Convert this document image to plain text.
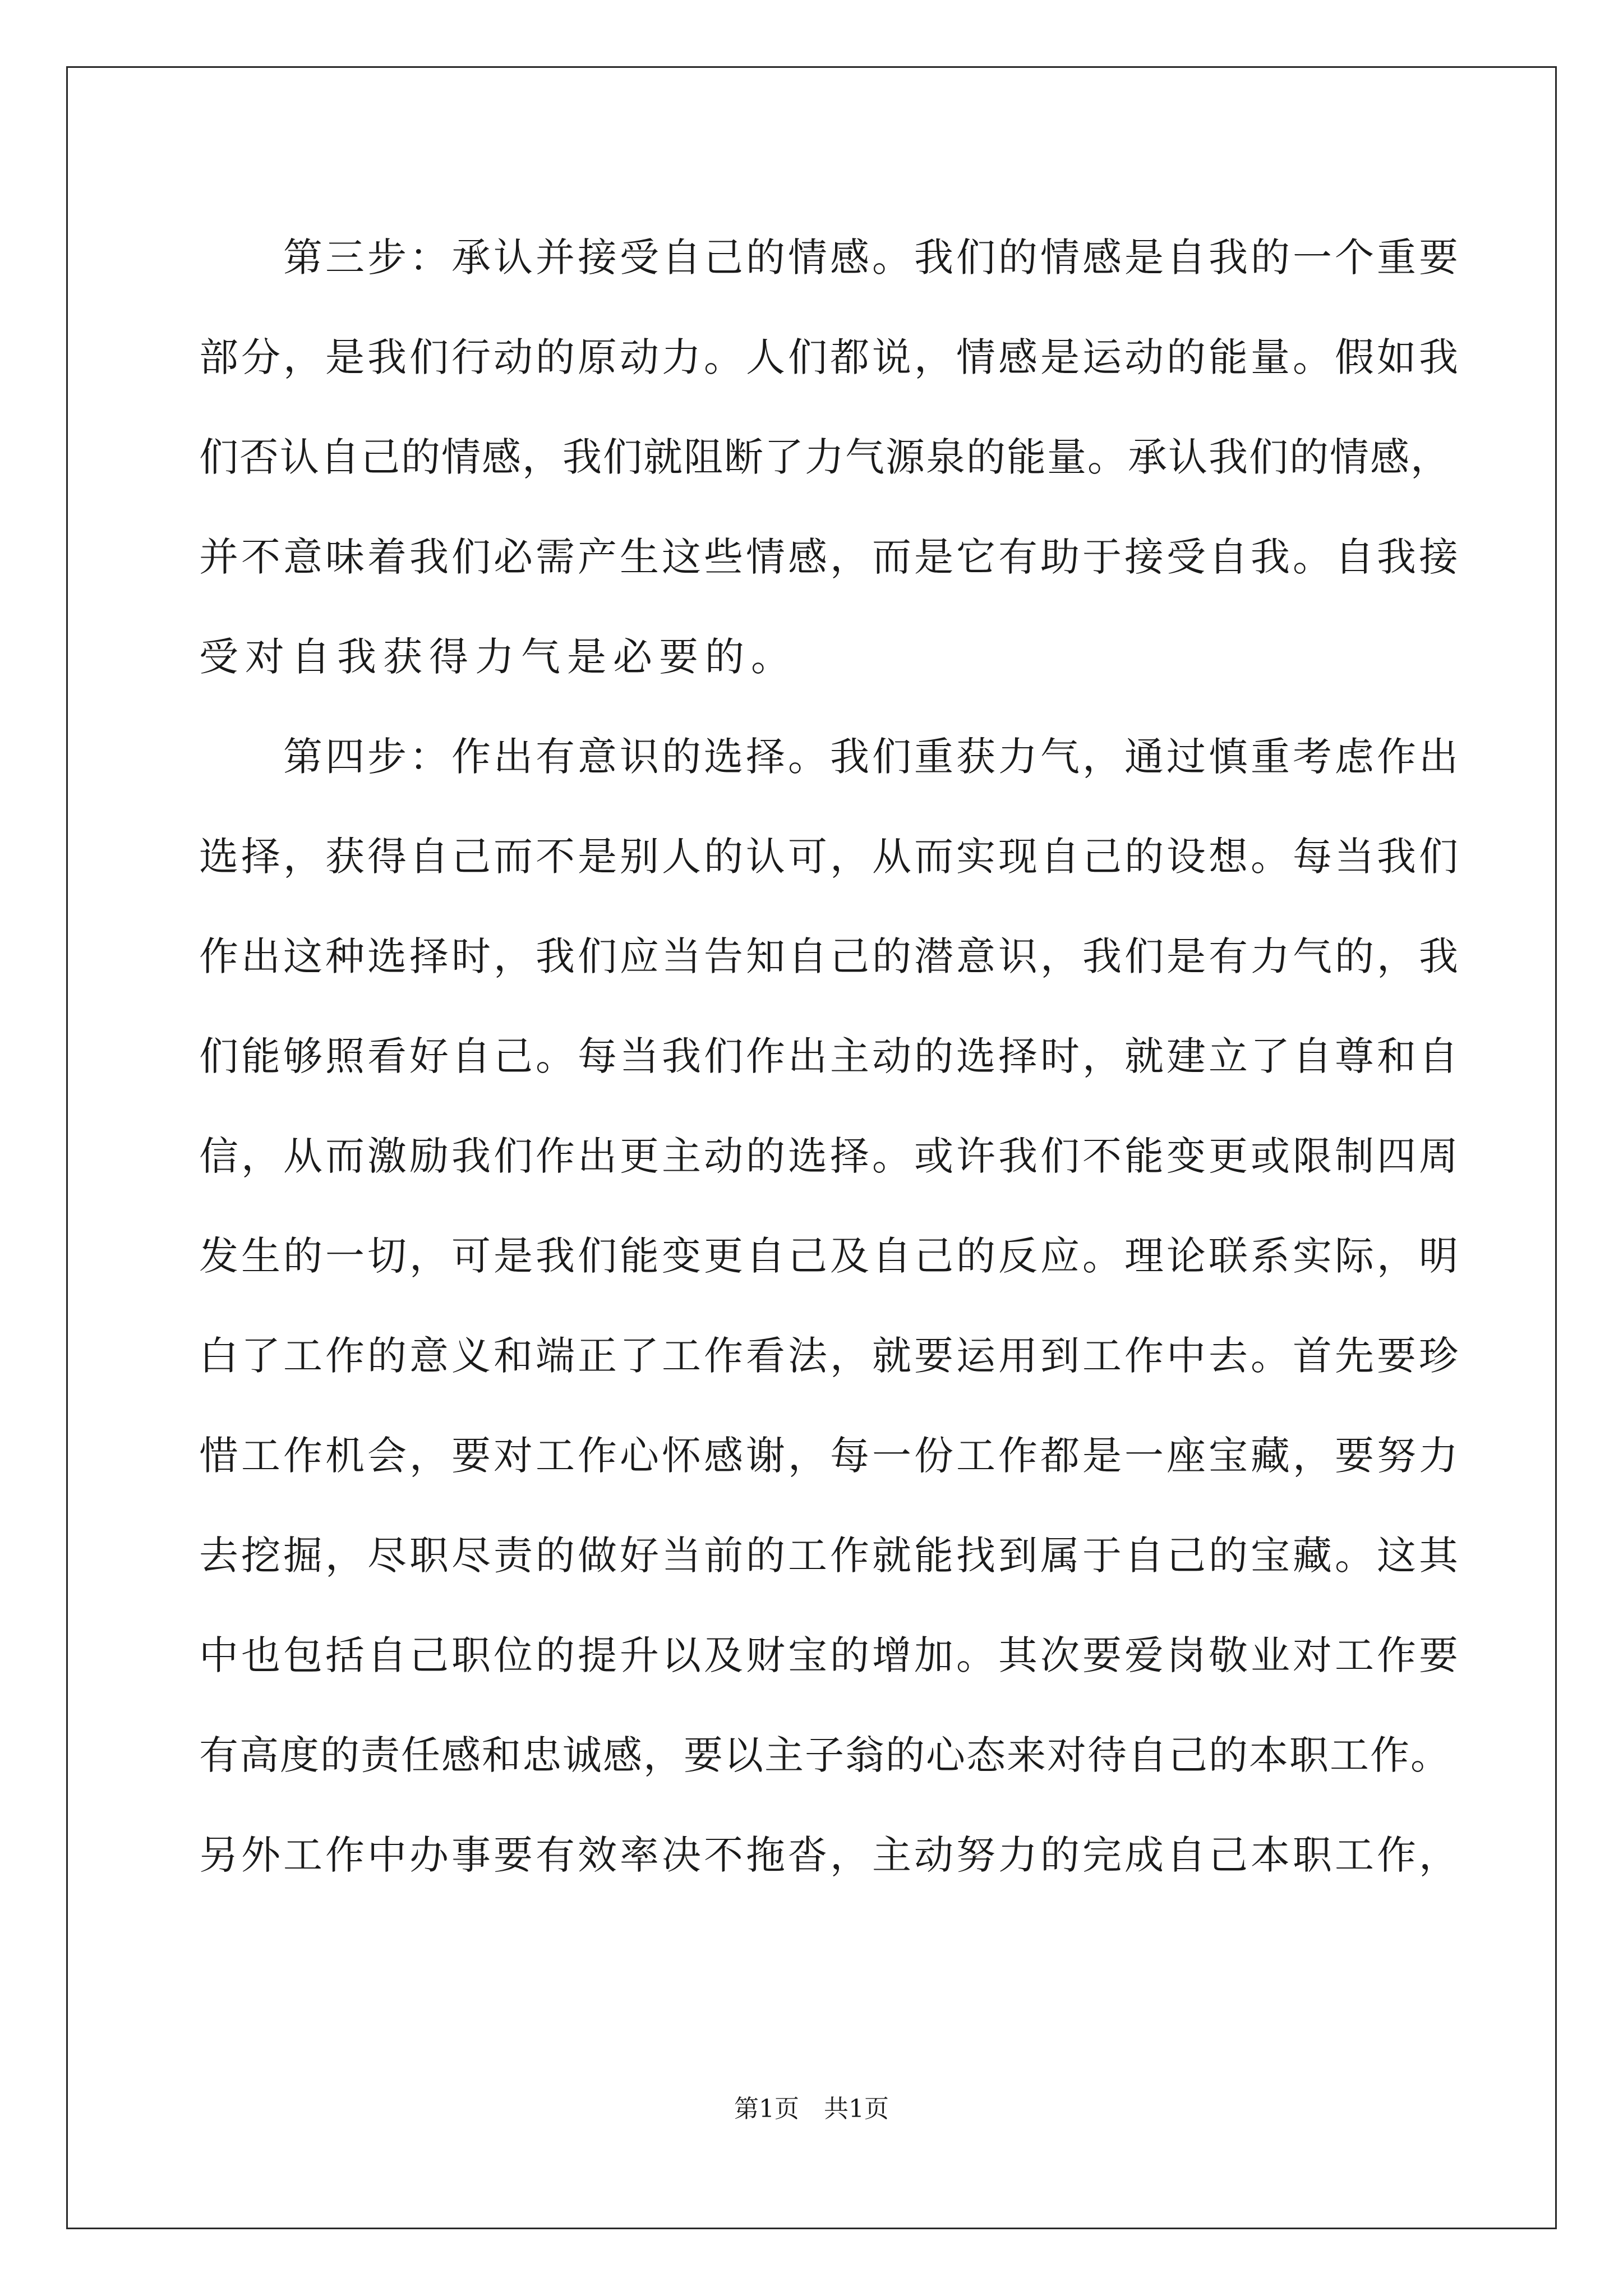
第三步：承认并接受自己的情感。我们的情感是自我的一个重要
部分，是我们行动的原动力。人们都说，情感是运动的能量。假如我
们否认自己的情感，我们就阻断了力气源泉的能量。承认我们的情感，
并不意味着我们必需产生这些情感，而是它有助于接受自我。自我接
受对自我获得力气是必要的。
第四步：作出有意识的选择。我们重获力气，通过慎重考虑作出
选择，获得自己而不是别人的认可，从而实现自己的设想。每当我们
作出这种选择时，我们应当告知自己的潜意识，我们是有力气的，我
们能够照看好自己。每当我们作出主动的选择时，就建立了自尊和自
信，从而激励我们作出更主动的选择。或许我们不能变更或限制四周
发生的一切，可是我们能变更自己及自己的反应。理论联系实际，明
白了工作的意义和端正了工作看法，就要运用到工作中去。首先要珍
惜工作机会，要对工作心怀感谢，每一份工作都是一座宝藏，要努力
去挖掘，尽职尽责的做好当前的工作就能找到属于自己的宝藏。这其
中也包括自己职位的提升以及财宝的增加。其次要爱岗敬业对工作要
有高度的责任感和忠诚感，要以主子翁的心态来对待自己的本职工作。
另外工作中办事要有效率决不拖沓，主动努力的完成自己本职工作，
第1页　共1页
